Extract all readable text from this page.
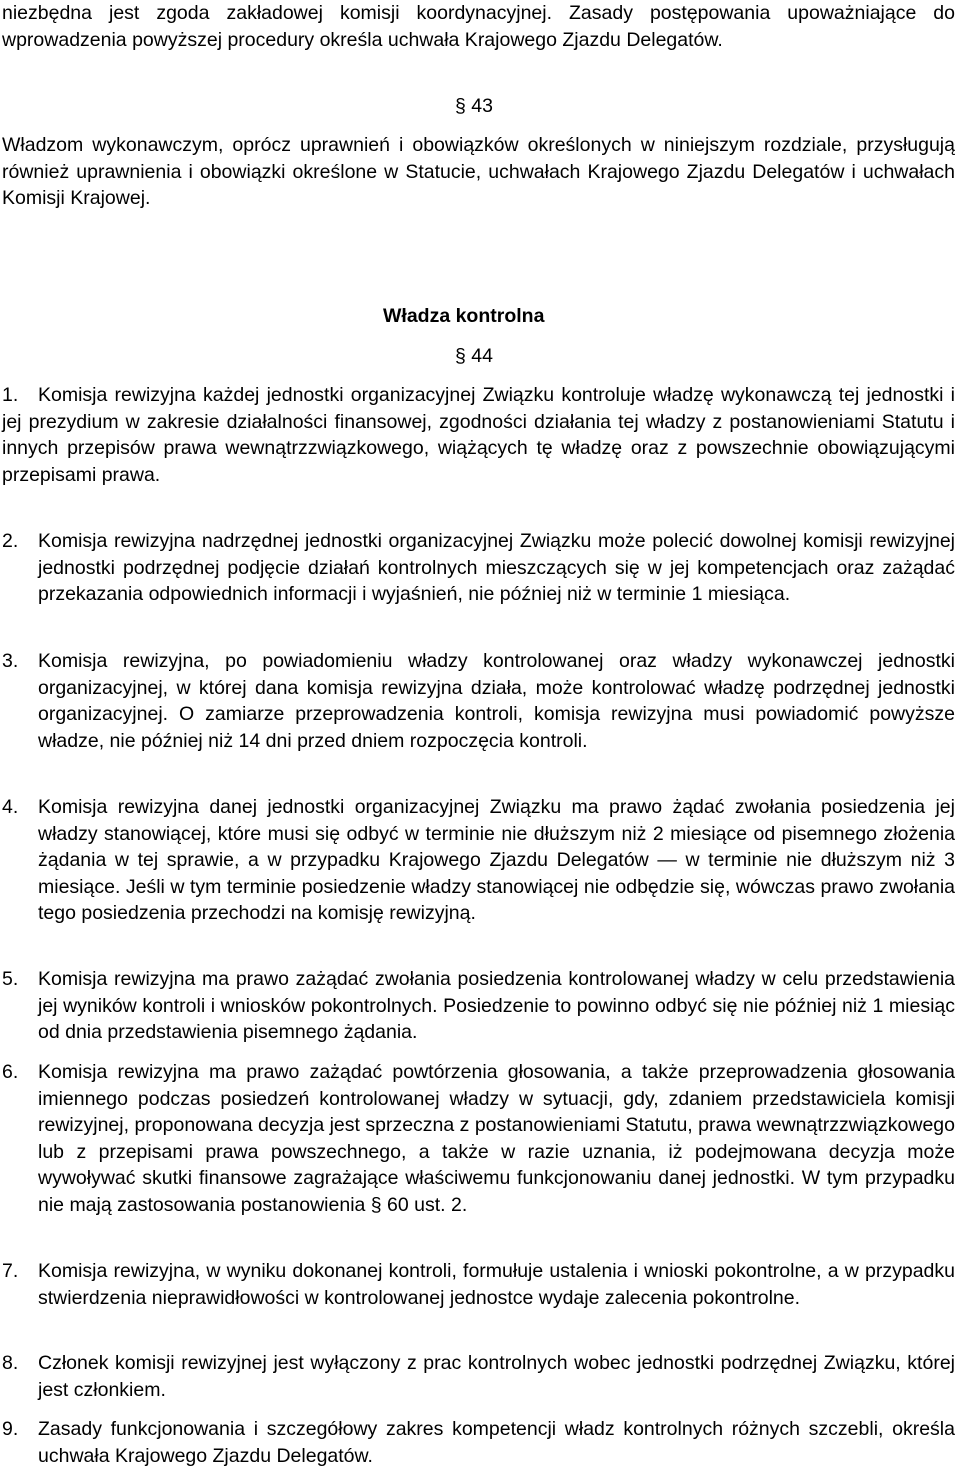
niezbędna jest zgoda zakładowej komisji koordynacyjnej. Zasady postępowania upoważniające do wprowadzenia powyższej procedury określa uchwała Krajowego Zjazdu Delegatów.

§ 43

Władzom wykonawczym, oprócz uprawnień i obowiązków określonych w niniejszym rozdziale, przysługują również uprawnienia i obowiązki określone w Statucie, uchwałach Krajowego Zjazdu Delegatów i uchwałach Komisji Krajowej.

Władza kontrolna
§ 44
1.	Komisja rewizyjna każdej jednostki organizacyjnej Związku kontroluje władzę wykonawczą tej jednostki i jej prezydium w zakresie działalności finansowej, zgodności działania tej władzy z postanowieniami Statutu i innych przepisów prawa wewnątrzzwiązkowego, wiążących tę władzę oraz z powszechnie obowiązującymi przepisami prawa.
2. Komisja rewizyjna nadrzędnej jednostki organizacyjnej Związku może polecić dowolnej komisji rewizyjnej jednostki podrzędnej podjęcie działań kontrolnych mieszczących się w jej kompetencjach oraz zażądać przekazania odpowiednich informacji i wyjaśnień, nie później niż w terminie 1 miesiąca.
3. Komisja rewizyjna, po powiadomieniu władzy kontrolowanej oraz władzy wykonawczej jednostki organizacyjnej, w której dana komisja rewizyjna działa, może kontrolować władzę podrzędnej jednostki organizacyjnej. O zamiarze przeprowadzenia kontroli, komisja rewizyjna musi powiadomić powyższe władze, nie później niż 14 dni przed dniem rozpoczęcia kontroli.
4. Komisja rewizyjna danej jednostki organizacyjnej Związku ma prawo żądać zwołania posiedzenia jej władzy stanowiącej, które musi się odbyć w terminie nie dłuższym niż 2 miesiące od pisemnego złożenia żądania w tej sprawie, a w przypadku Krajowego Zjazdu Delegatów — w terminie nie dłuższym niż 3 miesiące. Jeśli w tym terminie posiedzenie władzy stanowiącej nie odbędzie się, wówczas prawo zwołania tego posiedzenia przechodzi na komisję rewizyjną.
5. Komisja rewizyjna ma prawo zażądać zwołania posiedzenia kontrolowanej władzy w celu przedstawienia jej wyników kontroli i wniosków pokontrolnych. Posiedzenie to powinno odbyć się nie później niż 1 miesiąc od dnia przedstawienia pisemnego żądania.
6. Komisja rewizyjna ma prawo zażądać powtórzenia głosowania, a także przeprowadzenia głosowania imiennego podczas posiedzeń kontrolowanej władzy w sytuacji, gdy, zdaniem przedstawiciela komisji rewizyjnej, proponowana decyzja jest sprzeczna z postanowieniami Statutu, prawa wewnątrzzwiązkowego lub z przepisami prawa powszechnego, a także w razie uznania, iż podejmowana decyzja może wywoływać skutki finansowe zagrażające właściwemu funkcjonowaniu danej jednostki. W tym przypadku nie mają zastosowania postanowienia § 60 ust. 2.
7. Komisja rewizyjna, w wyniku dokonanej kontroli, formułuje ustalenia i wnioski pokontrolne, a w przypadku stwierdzenia nieprawidłowości w kontrolowanej jednostce wydaje zalecenia pokontrolne.
8. Członek komisji rewizyjnej jest wyłączony z prac kontrolnych wobec jednostki podrzędnej Związku, której jest członkiem.
9. Zasady funkcjonowania i szczegółowy zakres kompetencji władz kontrolnych różnych szczebli, określa uchwała Krajowego Zjazdu Delegatów.
